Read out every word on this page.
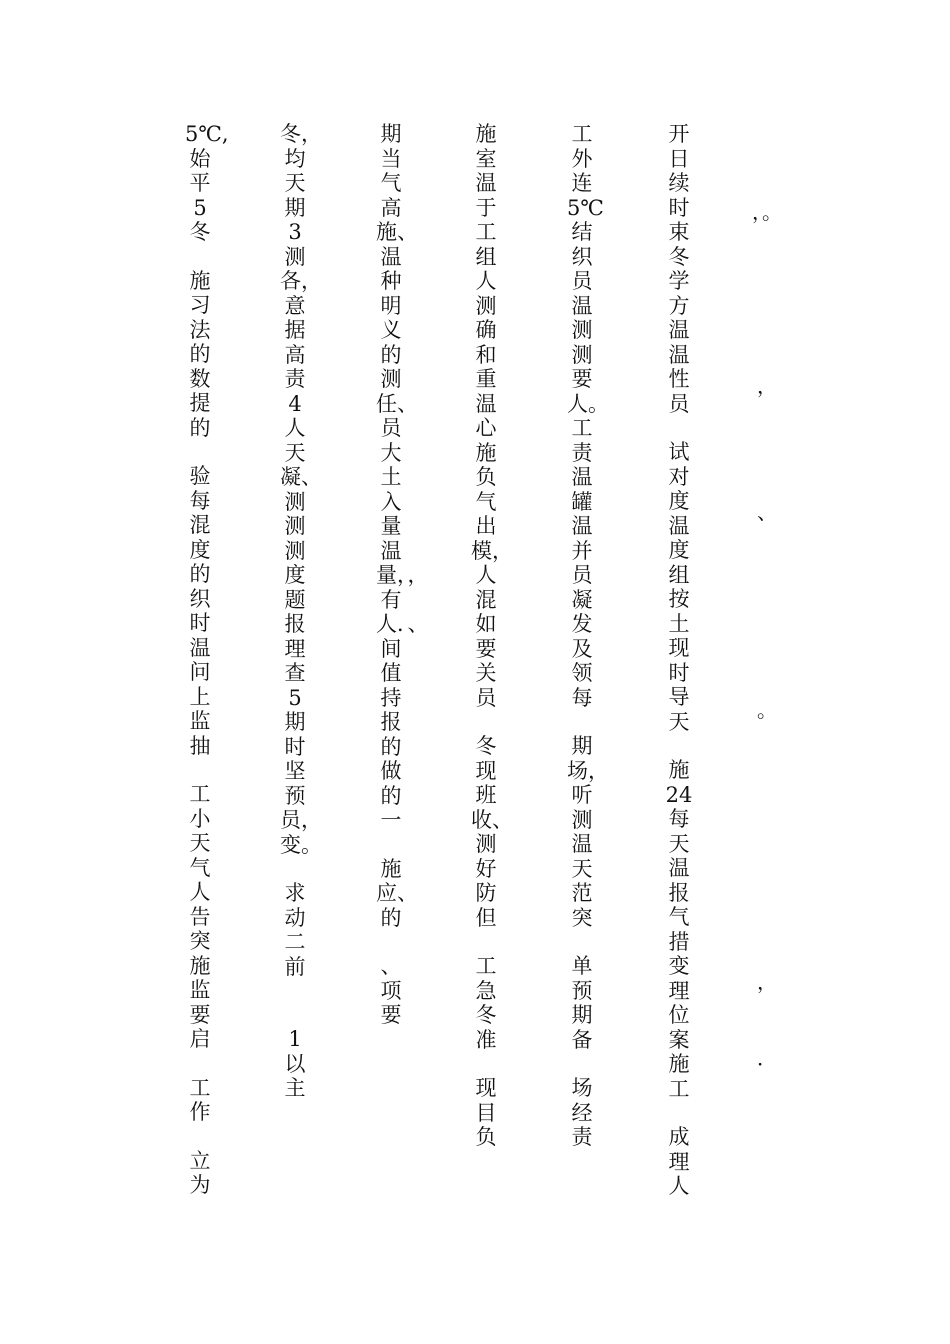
开日续时束冬学方温温性员
试对度温度组按土现时导天
施24每天温报气措变理位案施工
成理人
工外连5℃结织员温测测要人。工责温罐温并员凝发及领每
期场，听测温天范突
单预期备
场经责
施室温于工组人测确和重温心施负气出模，人混如要关员
冬现班收、测好防但
工急冬准
现目负
期当气高施、温种明义的测任、员大土入量温量，，有人．、间值持报的做的一
施应、的
、项要
冬，均天期3测各，意据高责4人天凝、测测测度题报理查5期时坚预员，变。
求动二前
1以主
5℃,始平5冬
施习法的数提的
验每混度的织时温问上监抽
工小天气人告突施监要启
工作
立为
，。
，
、
。
，
．
